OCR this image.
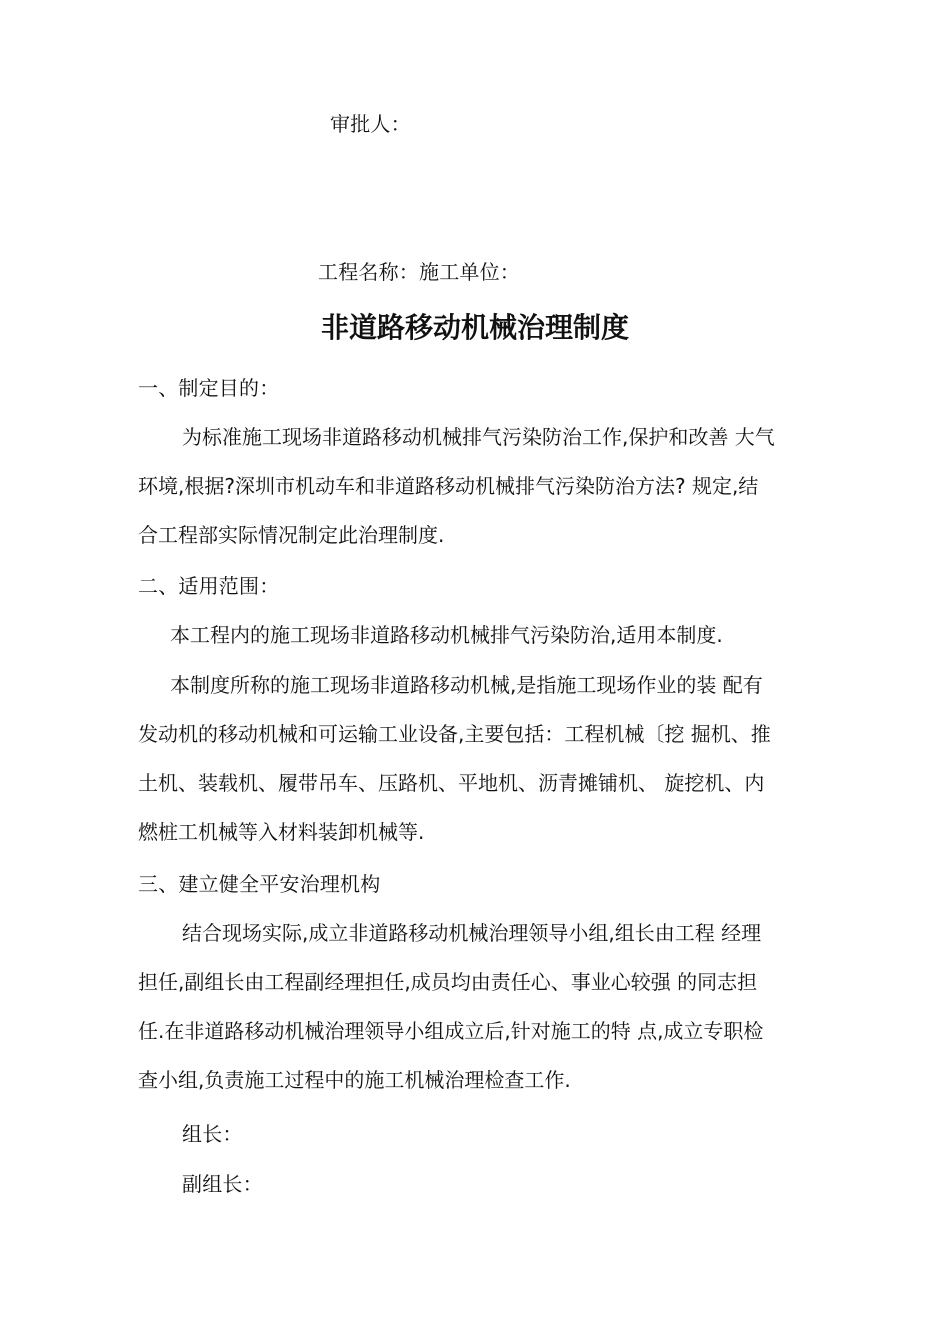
审批人：
工程名称：施工单位：
非道路移动机械治理制度
一、制定目的：
为标准施工现场非道路移动机械排气污染防治工作,保护和改善 大气
环境,根据?深圳市机动车和非道路移动机械排气污染防治方法? 规定,结
合工程部实际情况制定此治理制度.
二、适用范围：
本工程内的施工现场非道路移动机械排气污染防治,适用本制度.
本制度所称的施工现场非道路移动机械,是指施工现场作业的装 配有
发动机的移动机械和可运输工业设备,主要包括：工程机械〔挖 掘机、推
土机、装载机、履带吊车、压路机、平地机、沥青摊铺机、 旋挖机、内
燃桩工机械等入材料装卸机械等.
三、建立健全平安治理机构
结合现场实际,成立非道路移动机械治理领导小组,组长由工程 经理
担任,副组长由工程副经理担任,成员均由责任心、事业心较强 的同志担
任.在非道路移动机械治理领导小组成立后,针对施工的特 点,成立专职检
查小组,负责施工过程中的施工机械治理检查工作.
组长：
副组长：
